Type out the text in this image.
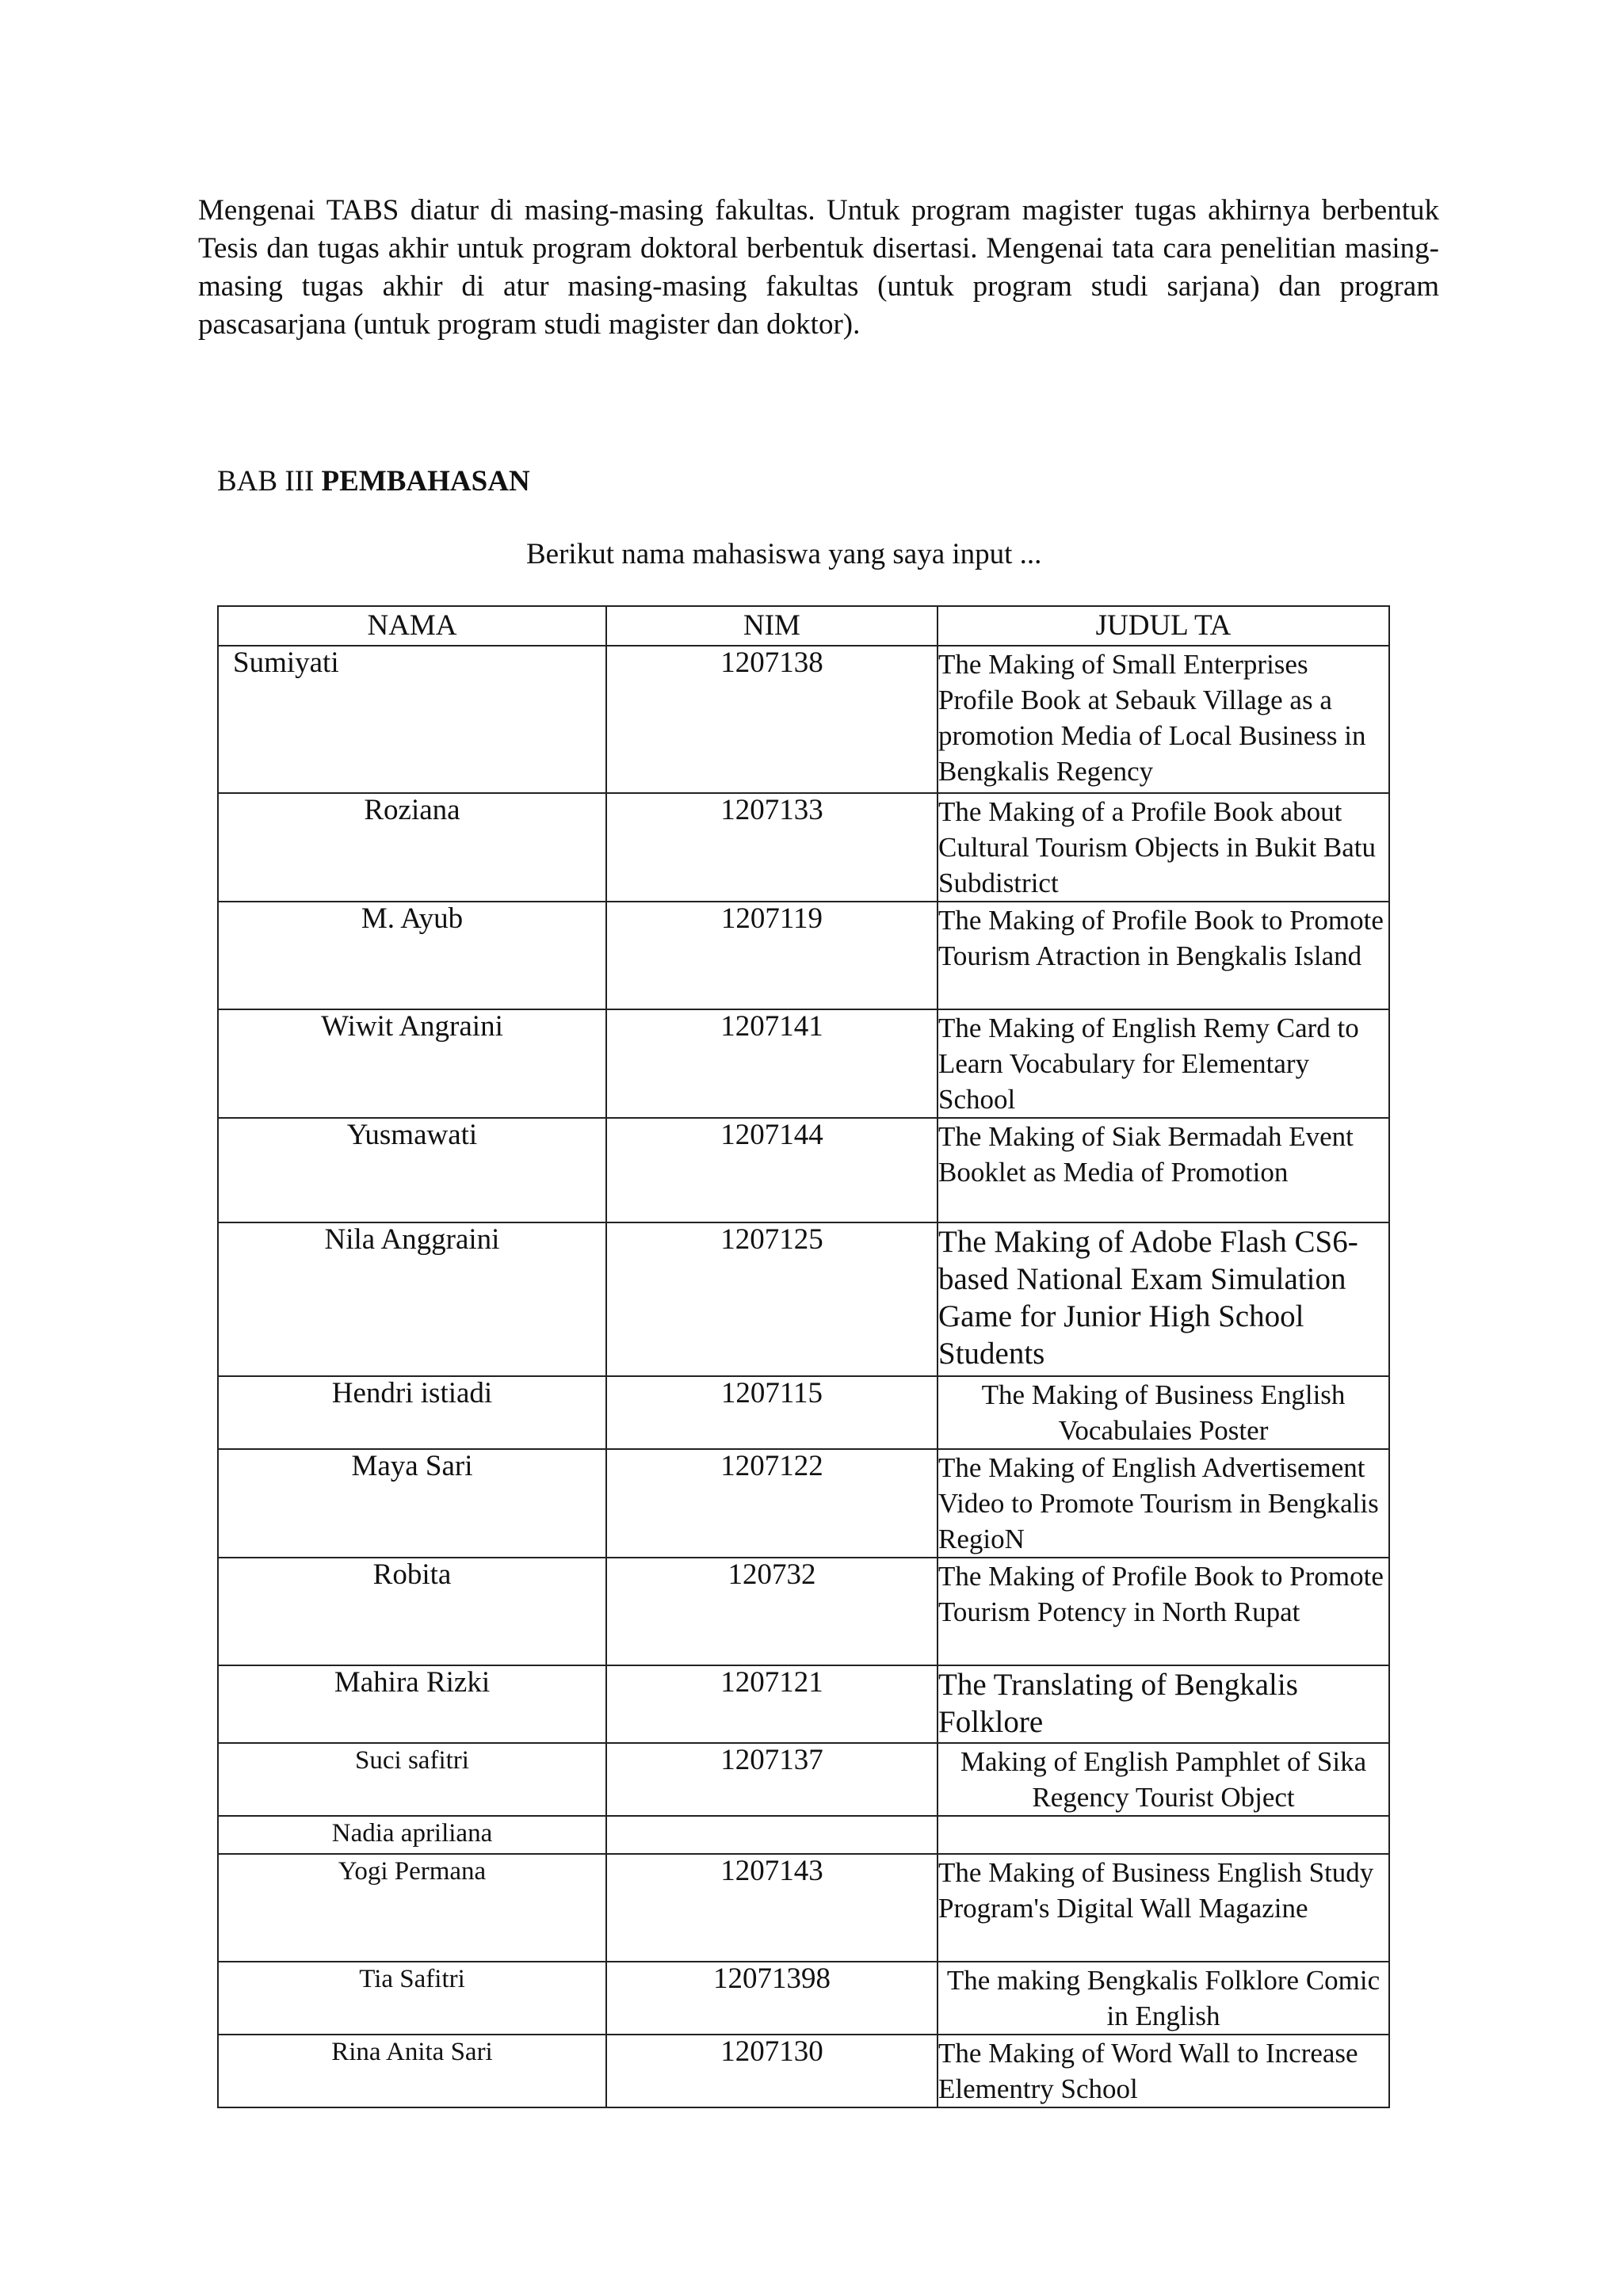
Mengenai TABS diatur di masing-masing fakultas. Untuk program magister tugas akhirnya berbentuk Tesis dan tugas akhir untuk program doktoral berbentuk disertasi. Mengenai tata cara penelitian masing-masing tugas akhir di atur masing-masing fakultas (untuk program studi sarjana) dan program pascasarjana (untuk program studi magister dan doktor).

BAB III PEMBAHASAN

Berikut nama mahasiswa yang saya input ...

NAMA	NIM	JUDUL TA
Sumiyati	1207138	The Making of Small Enterprises Profile Book at Sebauk Village as a promotion Media of Local Business in Bengkalis Regency
Roziana	1207133	The Making of a Profile Book about Cultural Tourism Objects in Bukit Batu Subdistrict
M. Ayub	1207119	The Making of Profile Book to Promote Tourism Atraction in Bengkalis Island
Wiwit Angraini	1207141	The Making of English Remy Card to Learn Vocabulary for Elementary School
Yusmawati	1207144	The Making of Siak Bermadah Event Booklet as Media of Promotion
Nila Anggraini	1207125	The Making of Adobe Flash CS6-based National Exam Simulation Game for Junior High School Students
Hendri istiadi	1207115	The Making of Business English Vocabulaies Poster
Maya Sari	1207122	The Making of English Advertisement Video to Promote Tourism in Bengkalis RegioN
Robita	120732	The Making of Profile Book to Promote Tourism Potency in North Rupat
Mahira Rizki	1207121	The Translating of Bengkalis Folklore
Suci safitri	1207137	Making of English Pamphlet of Sika Regency Tourist Object
Nadia apriliana		
Yogi Permana	1207143	The Making of Business English Study Program's Digital Wall Magazine
Tia Safitri	12071398	The making Bengkalis Folklore Comic in English
Rina Anita Sari	1207130	The Making of Word Wall to Increase Elementry School
